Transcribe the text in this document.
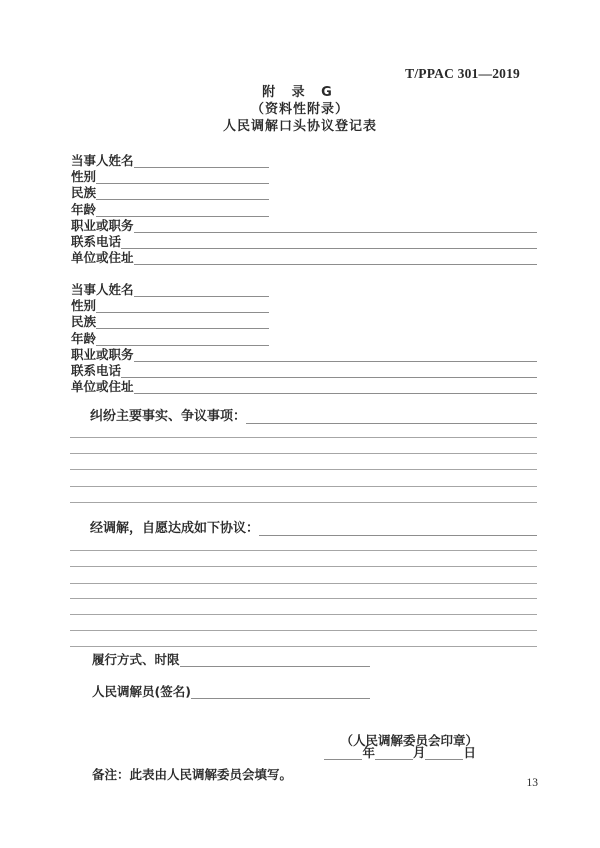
T/PPAC 301—2019
附 录 G
（资料性附录）
人民调解口头协议登记表
当事人姓名
性别
民族
年龄
职业或职务
联系电话
单位或住址
当事人姓名
性别
民族
年龄
职业或职务
联系电话
单位或住址
纠纷主要事实、争议事项：
经调解，自愿达成如下协议：
履行方式、时限
人民调解员(签名)
（人民调解委员会印章）
年	月	日
备注：此表由人民调解委员会填写。
13
